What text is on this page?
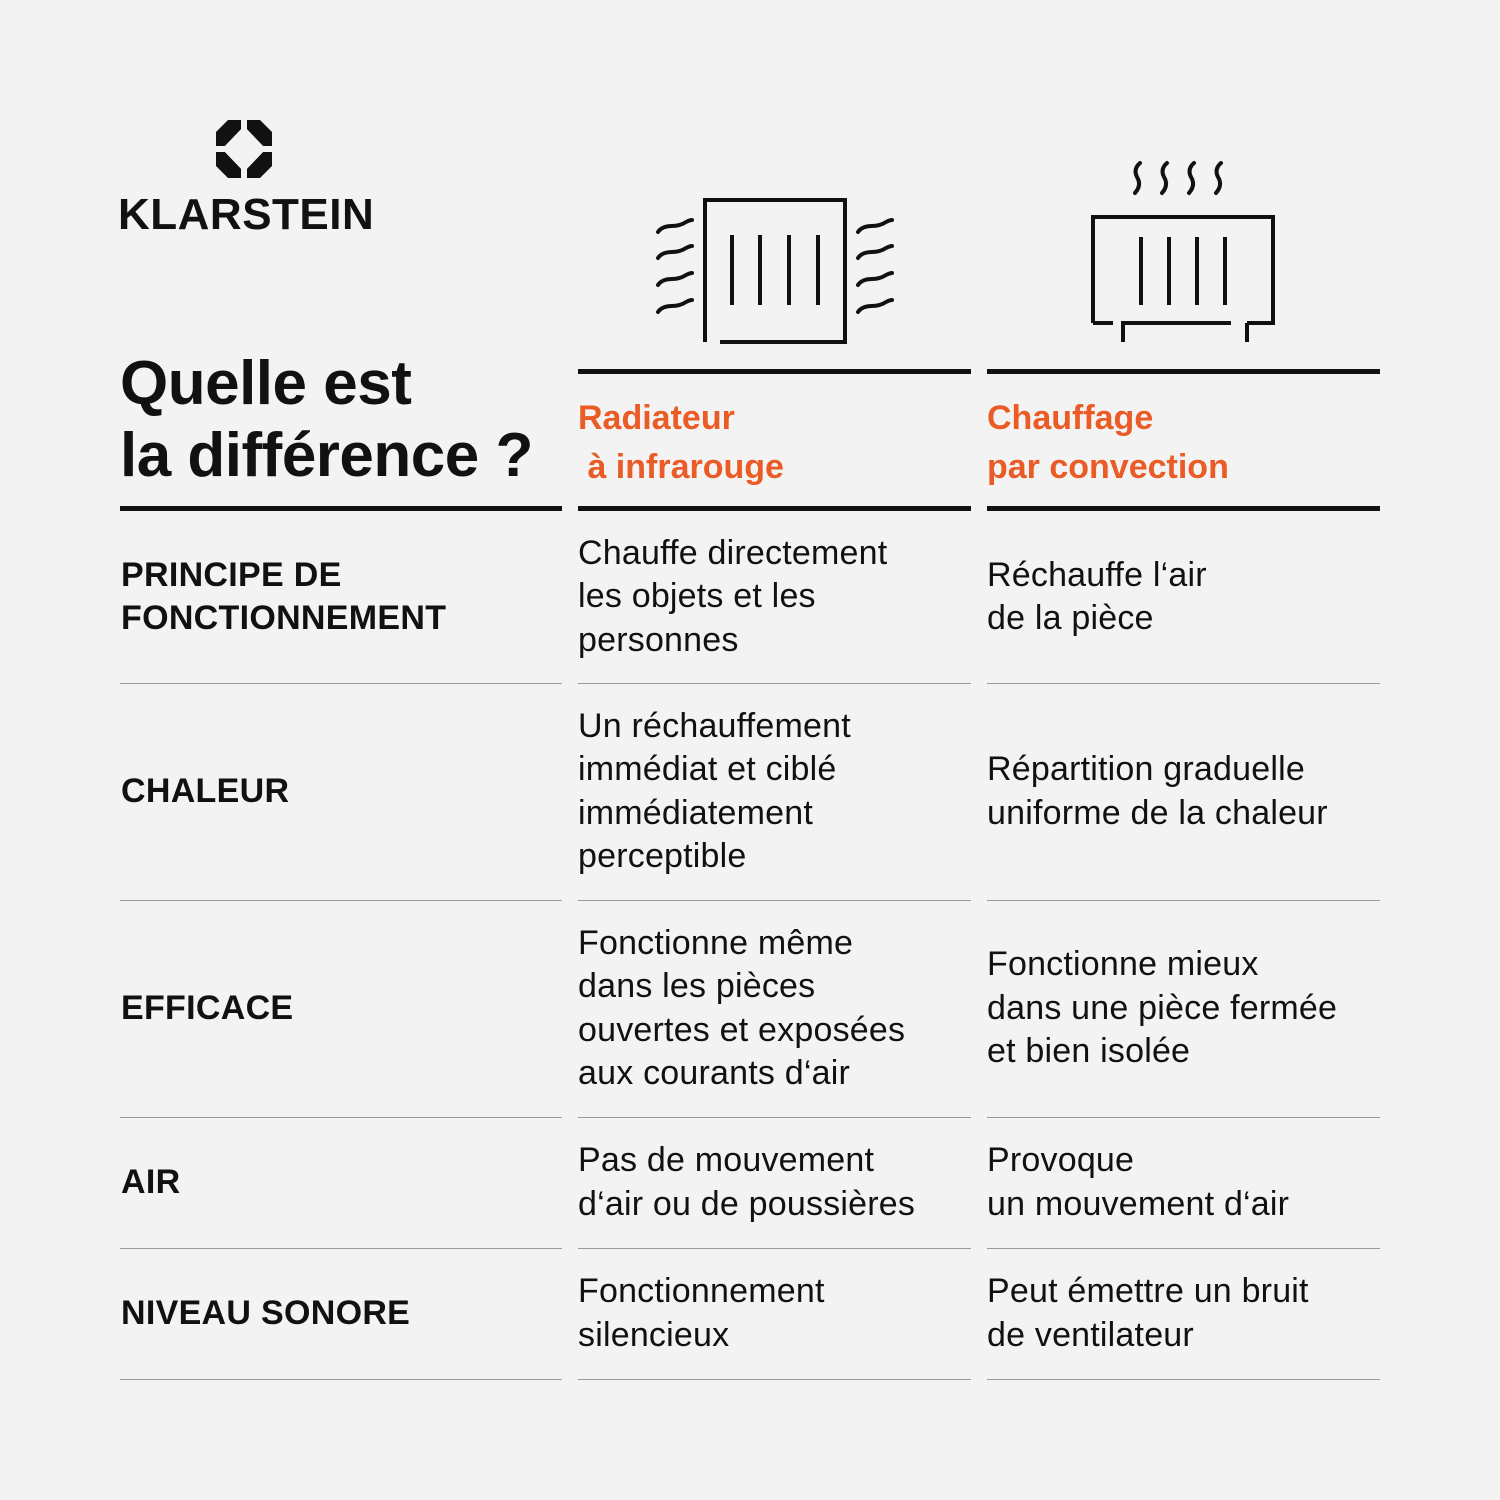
KLARSTEIN
Quelle est
la différence ?
Radiateur
à infrarouge
Chauffage
par convection
PRINCIPE DE
FONCTIONNEMENT
Chauffe directement
les objets et les
personnes
Réchauffe l‘air
de la pièce
CHALEUR
Un réchauffement
immédiat et ciblé
immédiatement
perceptible
Répartition graduelle
uniforme de la chaleur
EFFICACE
Fonctionne même
dans les pièces
ouvertes et exposées
aux courants d‘air
Fonctionne mieux
dans une pièce fermée
et bien isolée
AIR
Pas de mouvement
d‘air ou de poussières
Provoque
un mouvement d‘air
NIVEAU SONORE
Fonctionnement
silencieux
Peut émettre un bruit
de ventilateur
